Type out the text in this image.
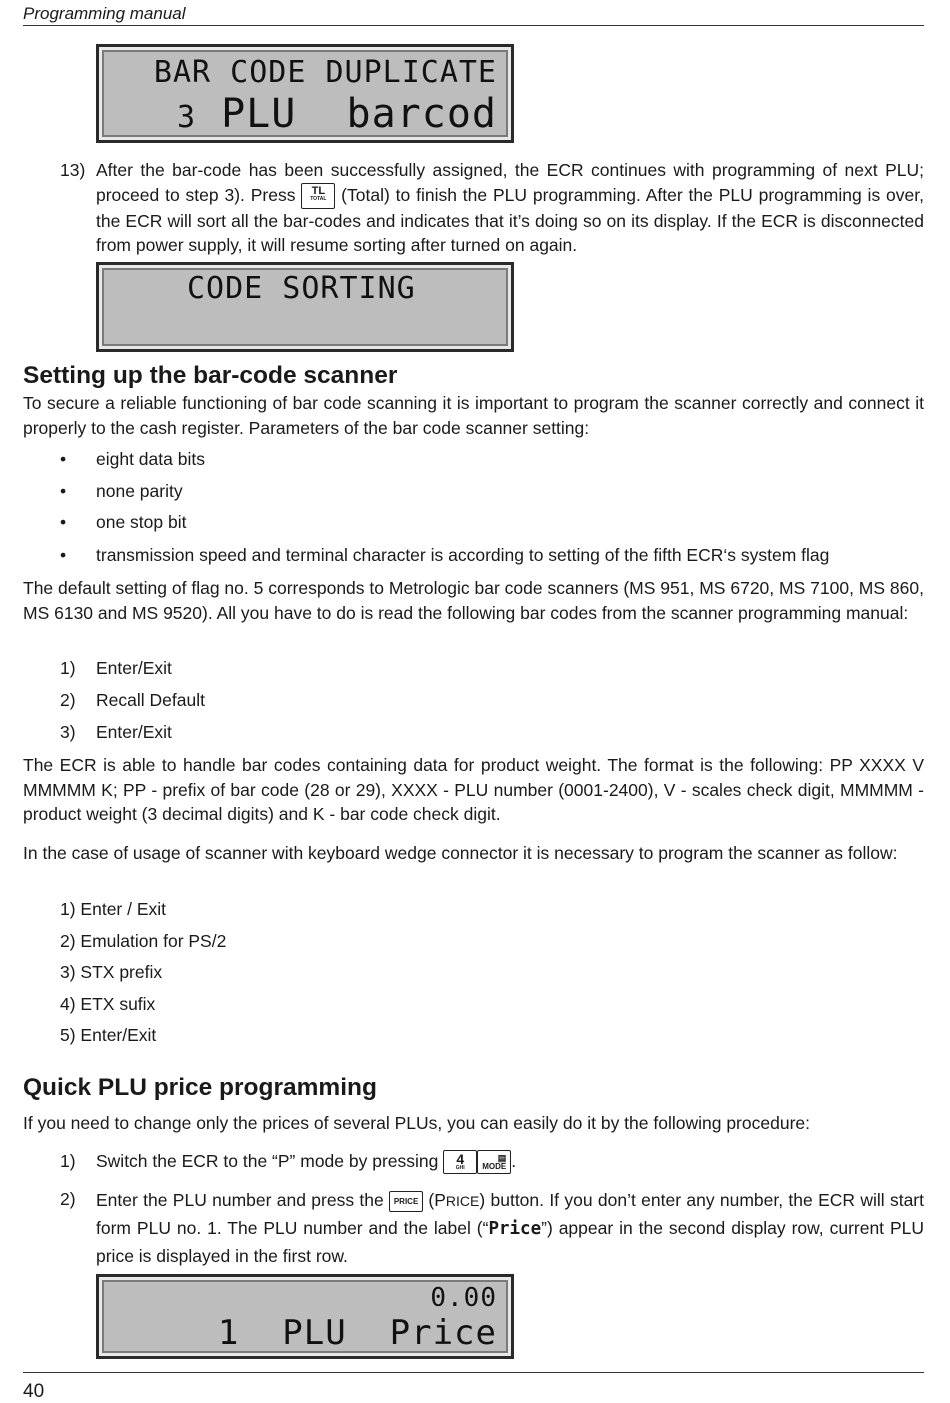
Programming manual
BAR CODE DUPLICATE
3 PLU  barcod
13) After the bar-code has been successfully assigned, the ECR continues with programming of next PLU; proceed to step 3). Press TL
TOTAL (Total) to finish the PLU programming. After the PLU programming is over, the ECR will sort all the bar-codes and indicates that it’s doing so on its display. If the ECR is disconnected from power supply, it will resume sorting after turned on again.
CODE SORTING
Setting up the bar-code scanner
To secure a reliable functioning of bar code scanning it is important to program the scanner correctly and connect it properly to the cash register. Parameters of the bar code scanner setting:
• eight data bits
• none parity
• one stop bit
• transmission speed and terminal character is according to setting of the fifth ECR‘s system flag
The default setting of flag no. 5 corresponds to Metrologic bar code scanners (MS 951, MS 6720, MS 7100, MS 860, MS 6130 and MS 9520). All you have to do is read the following bar codes from the scanner programming manual:
1) Enter/Exit
2) Recall Default
3) Enter/Exit
The ECR is able to handle bar codes containing data for product weight. The format is the following: PP XXXX V MMMMM K; PP - prefix of bar code (28 or 29), XXXX - PLU number (0001-2400), V - scales check digit, MMMMM - product weight (3 decimal digits) and K - bar code check digit.
In the case of usage of scanner with keyboard wedge connector it is necessary to program the scanner as follow:
1) Enter / Exit
2) Emulation for PS/2
3) STX prefix
4) ETX sufix
5) Enter/Exit
Quick PLU price programming
If you need to change only the prices of several PLUs, you can easily do it by the following procedure:
1) Switch the ECR to the “P” mode by pressing 4
GHI
▤
MODE .
2) Enter the PLU number and press the PRICE (PRICE) button. If you don’t enter any number, the ECR will start form PLU no. 1. The PLU number and the label (“Price”) appear in the second display row, current PLU price is displayed in the first row.
0.00
1 PLU  Price
40
